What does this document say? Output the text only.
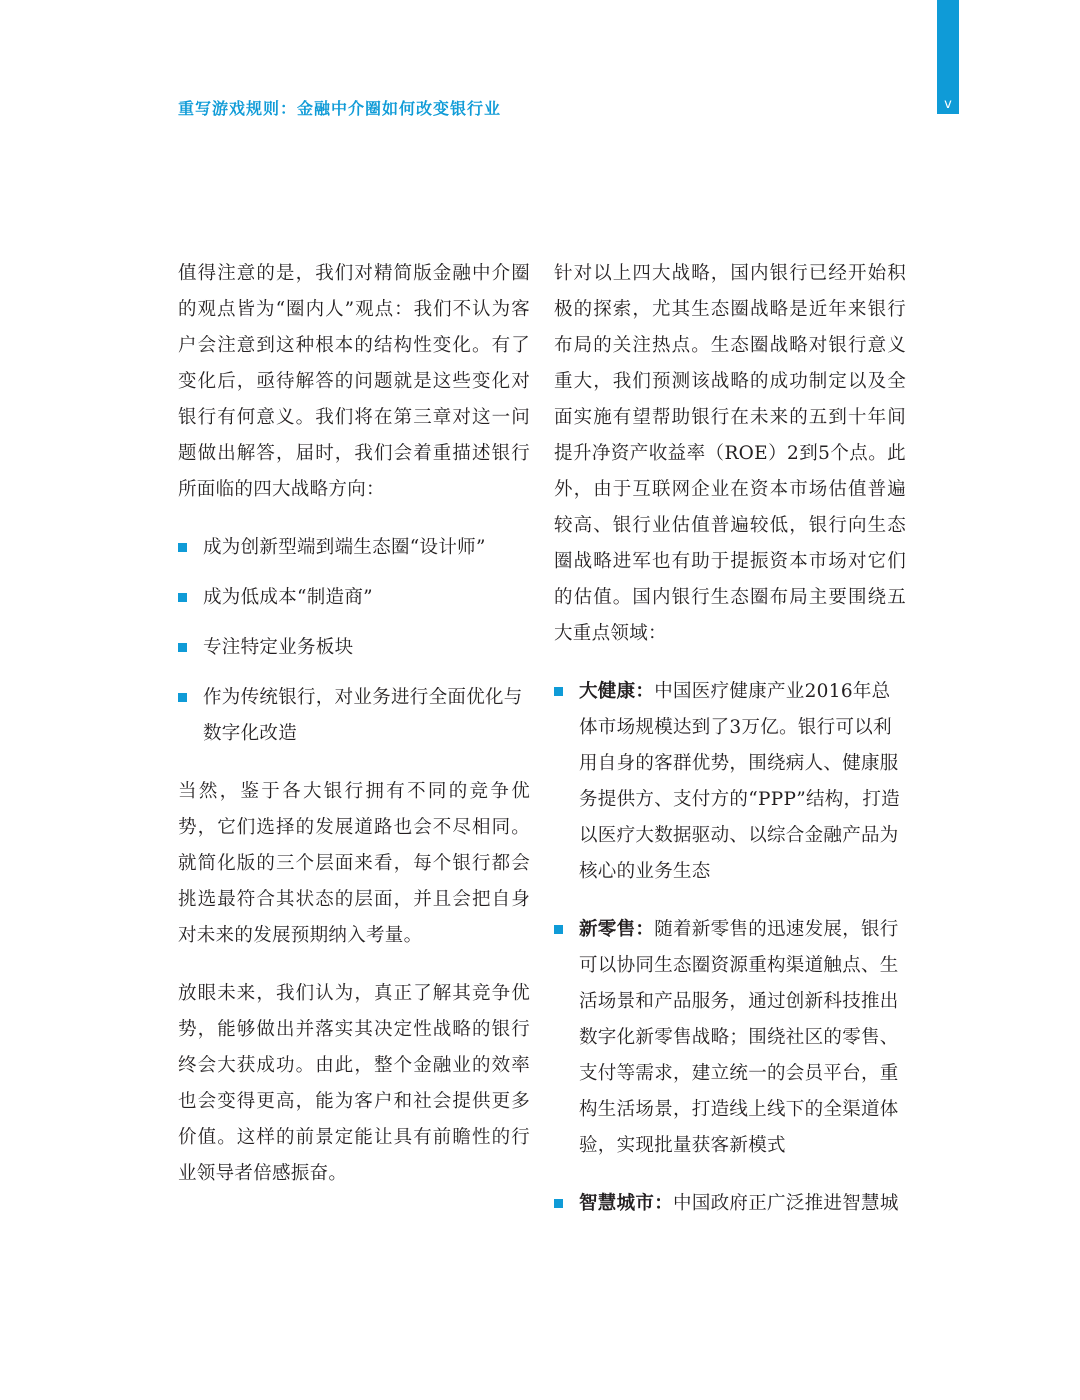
v
重写游戏规则：金融中介圈如何改变银行业

值得注意的是，我们对精简版金融中介圈的观点皆为“圈内人”观点：我们不认为客户会注意到这种根本的结构性变化。有了变化后，亟待解答的问题就是这些变化对银行有何意义。我们将在第三章对这一问题做出解答，届时，我们会着重描述银行所面临的四大战略方向：

成为创新型端到端生态圈“设计师”
成为低成本“制造商”
专注特定业务板块
作为传统银行，对业务进行全面优化与数字化改造

当然，鉴于各大银行拥有不同的竞争优势，它们选择的发展道路也会不尽相同。就简化版的三个层面来看，每个银行都会挑选最符合其状态的层面，并且会把自身对未来的发展预期纳入考量。

放眼未来，我们认为，真正了解其竞争优势，能够做出并落实其决定性战略的银行终会大获成功。由此，整个金融业的效率也会变得更高，能为客户和社会提供更多价值。这样的前景定能让具有前瞻性的行业领导者倍感振奋。

针对以上四大战略，国内银行已经开始积极的探索，尤其生态圈战略是近年来银行布局的关注热点。生态圈战略对银行意义重大，我们预测该战略的成功制定以及全面实施有望帮助银行在未来的五到十年间提升净资产收益率（ROE）2到5个点。此外，由于互联网企业在资本市场估值普遍较高、银行业估值普遍较低，银行向生态圈战略进军也有助于提振资本市场对它们的估值。国内银行生态圈布局主要围绕五大重点领域：

大健康：中国医疗健康产业2016年总体市场规模达到了3万亿。银行可以利用自身的客群优势，围绕病人、健康服务提供方、支付方的“PPP”结构，打造以医疗大数据驱动、以综合金融产品为核心的业务生态
新零售：随着新零售的迅速发展，银行可以协同生态圈资源重构渠道触点、生活场景和产品服务，通过创新科技推出数字化新零售战略；围绕社区的零售、支付等需求，建立统一的会员平台，重构生活场景，打造线上线下的全渠道体验，实现批量获客新模式
智慧城市：中国政府正广泛推进智慧城
